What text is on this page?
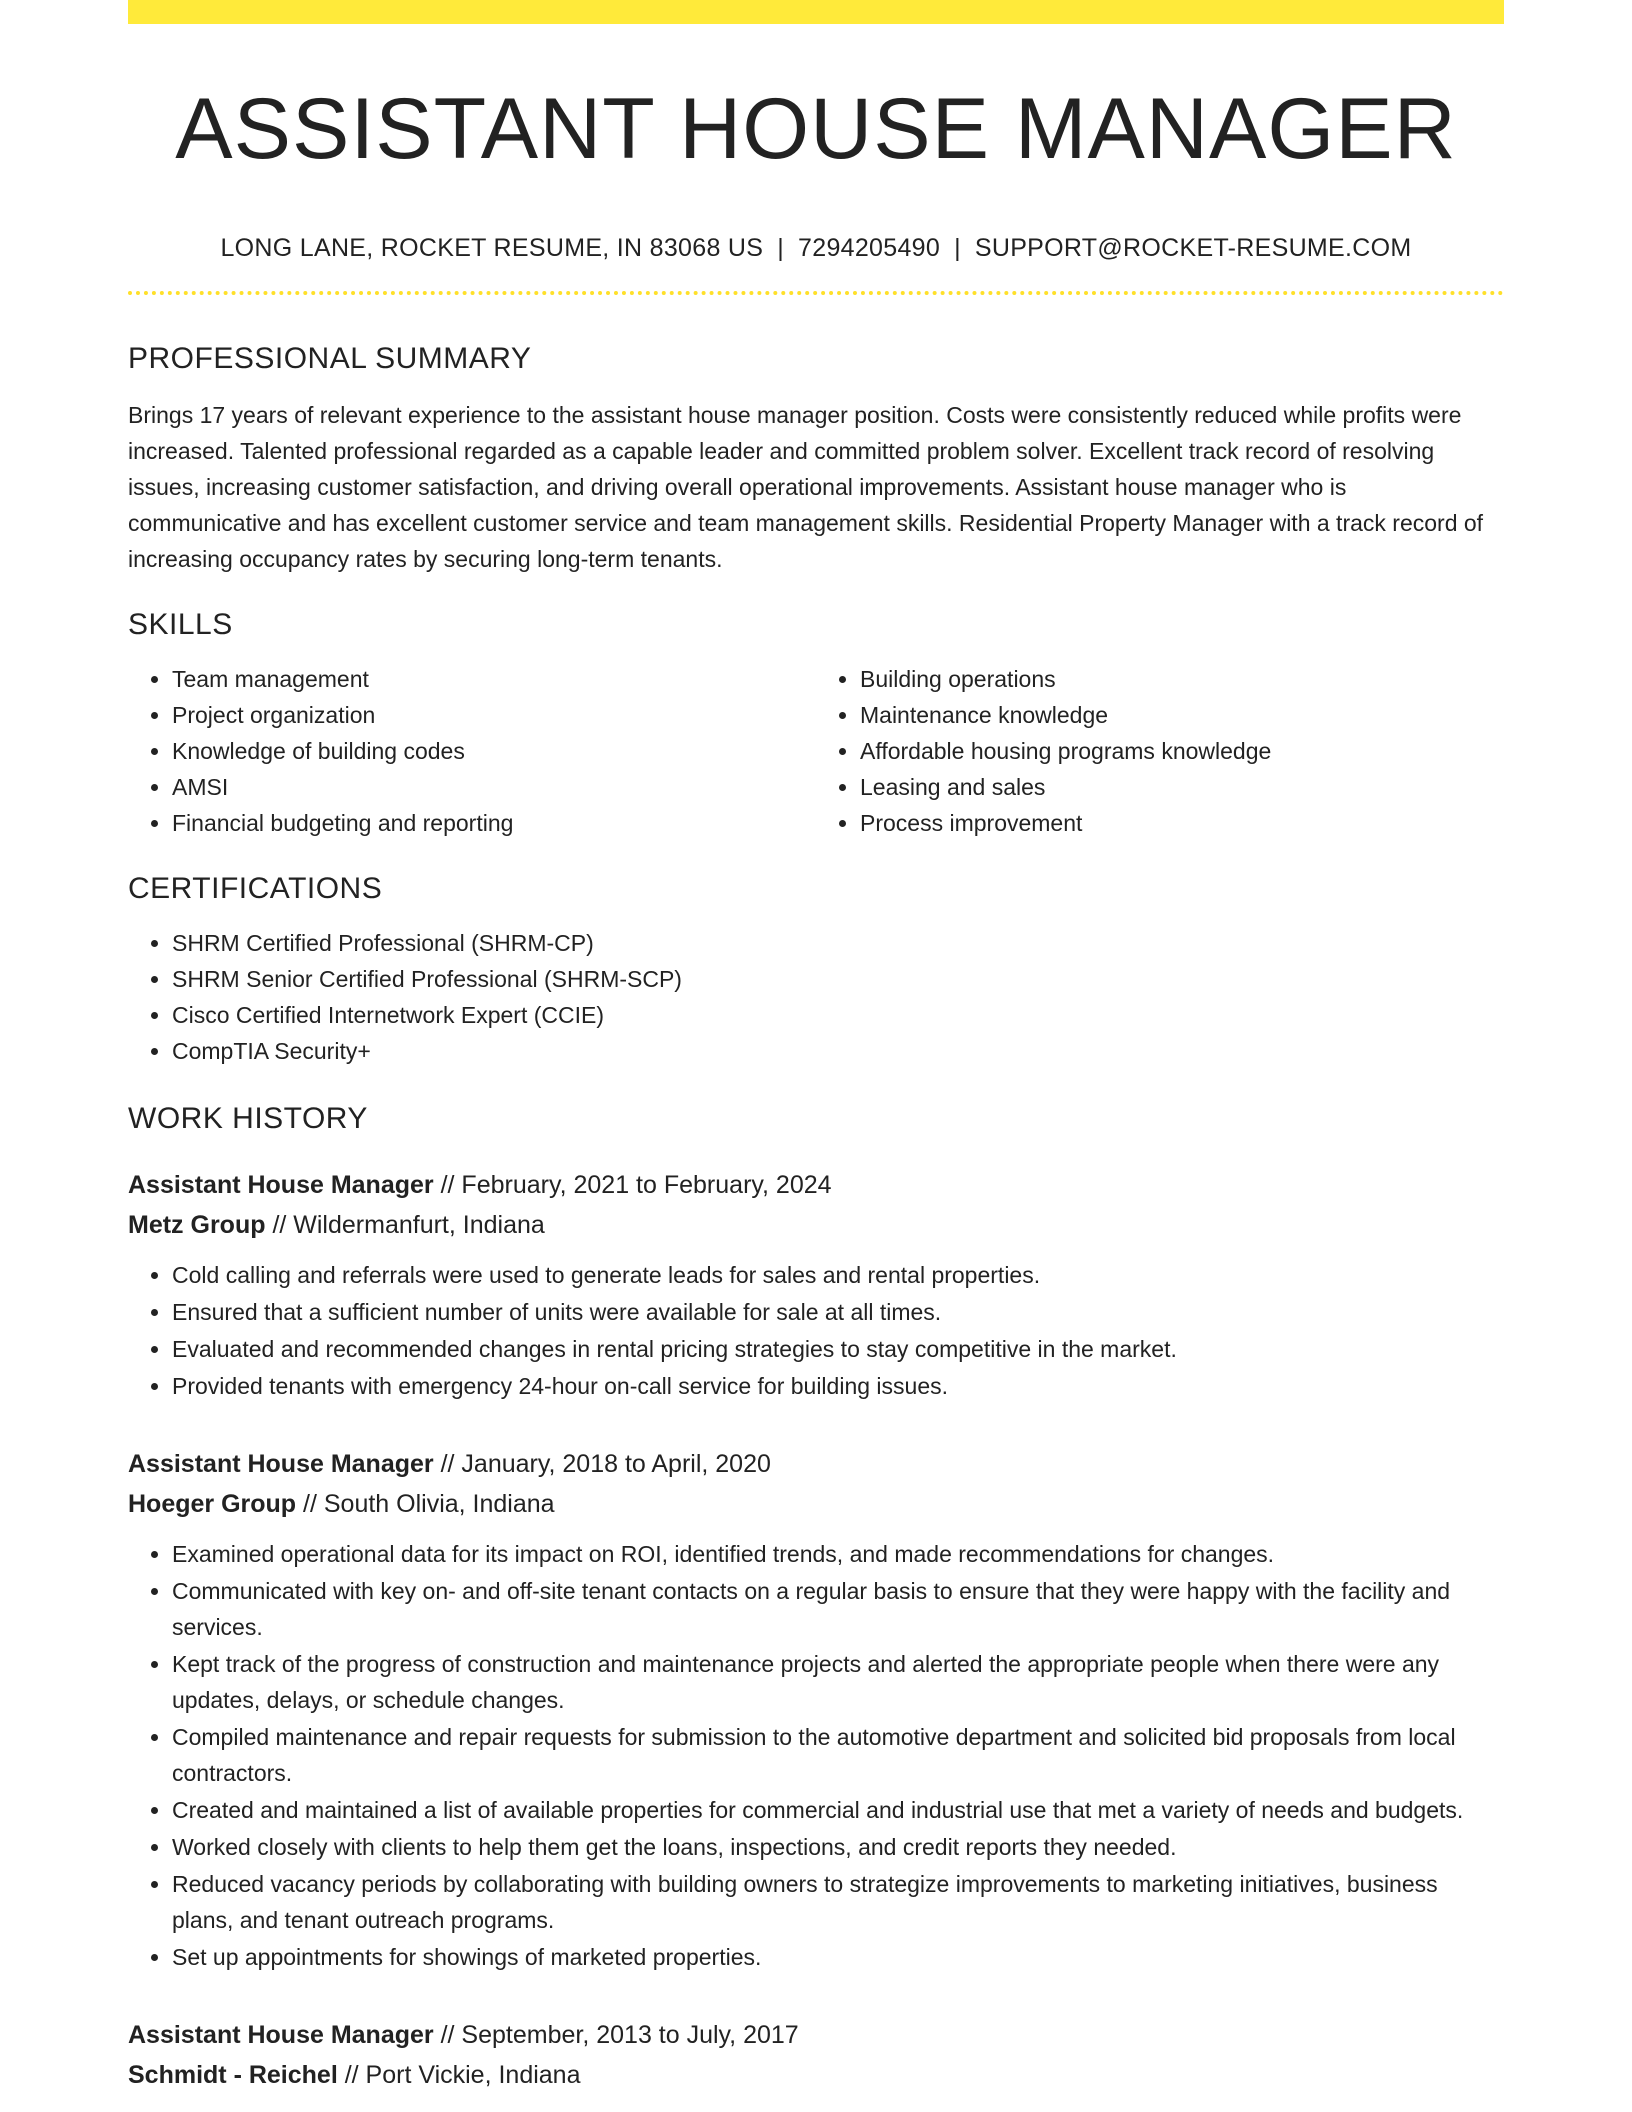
ASSISTANT HOUSE MANAGER
LONG LANE, ROCKET RESUME, IN 83068 US | 7294205490 | SUPPORT@ROCKET-RESUME.COM
PROFESSIONAL SUMMARY
Brings 17 years of relevant experience to the assistant house manager position. Costs were consistently reduced while profits were increased. Talented professional regarded as a capable leader and committed problem solver. Excellent track record of resolving issues, increasing customer satisfaction, and driving overall operational improvements. Assistant house manager who is communicative and has excellent customer service and team management skills. Residential Property Manager with a track record of increasing occupancy rates by securing long-term tenants.
SKILLS
• Team management
• Project organization
• Knowledge of building codes
• AMSI
• Financial budgeting and reporting
• Building operations
• Maintenance knowledge
• Affordable housing programs knowledge
• Leasing and sales
• Process improvement
CERTIFICATIONS
• SHRM Certified Professional (SHRM-CP)
• SHRM Senior Certified Professional (SHRM-SCP)
• Cisco Certified Internetwork Expert (CCIE)
• CompTIA Security+
WORK HISTORY
Assistant House Manager // February, 2021 to February, 2024
Metz Group // Wildermanfurt, Indiana
• Cold calling and referrals were used to generate leads for sales and rental properties.
• Ensured that a sufficient number of units were available for sale at all times.
• Evaluated and recommended changes in rental pricing strategies to stay competitive in the market.
• Provided tenants with emergency 24-hour on-call service for building issues.
Assistant House Manager // January, 2018 to April, 2020
Hoeger Group // South Olivia, Indiana
• Examined operational data for its impact on ROI, identified trends, and made recommendations for changes.
• Communicated with key on- and off-site tenant contacts on a regular basis to ensure that they were happy with the facility and services.
• Kept track of the progress of construction and maintenance projects and alerted the appropriate people when there were any updates, delays, or schedule changes.
• Compiled maintenance and repair requests for submission to the automotive department and solicited bid proposals from local contractors.
• Created and maintained a list of available properties for commercial and industrial use that met a variety of needs and budgets.
• Worked closely with clients to help them get the loans, inspections, and credit reports they needed.
• Reduced vacancy periods by collaborating with building owners to strategize improvements to marketing initiatives, business plans, and tenant outreach programs.
• Set up appointments for showings of marketed properties.
Assistant House Manager // September, 2013 to July, 2017
Schmidt - Reichel // Port Vickie, Indiana
